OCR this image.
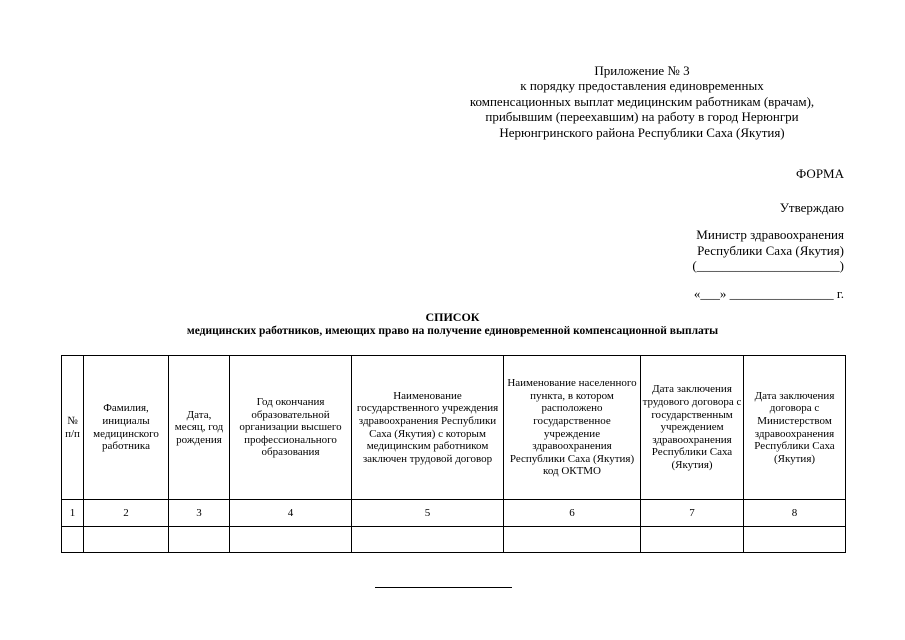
Приложение № 3
к порядку предоставления единовременных
компенсационных выплат медицинским работникам (врачам),
прибывшим (переехавшим) на работу в город Нерюнгри
Нерюнгринского района Республики Саха (Якутия)
ФОРМА
Утверждаю
Министр здравоохранения
Республики Саха (Якутия)
(______________________)
«___» ________________ г.
СПИСОК
медицинских работников, имеющих право на получение единовременной компенсационной выплаты
№ п/п	Фамилия, инициалы медицинского работника	Дата, месяц, год рождения	Год окончания образовательной организации высшего профессионального образования	Наименование государственного учреждения здравоохранения Республики Саха (Якутия) с которым медицинским работником заключен трудовой договор	Наименование населенного пункта, в котором расположено государственное учреждение здравоохранения Республики Саха (Якутия) код ОКТМО	Дата заключения трудового договора с государственным учреждением здравоохранения Республики Саха (Якутия)	Дата заключения договора с Министерством здравоохранения Республики Саха (Якутия)
1	2	3	4	5	6	7	8
